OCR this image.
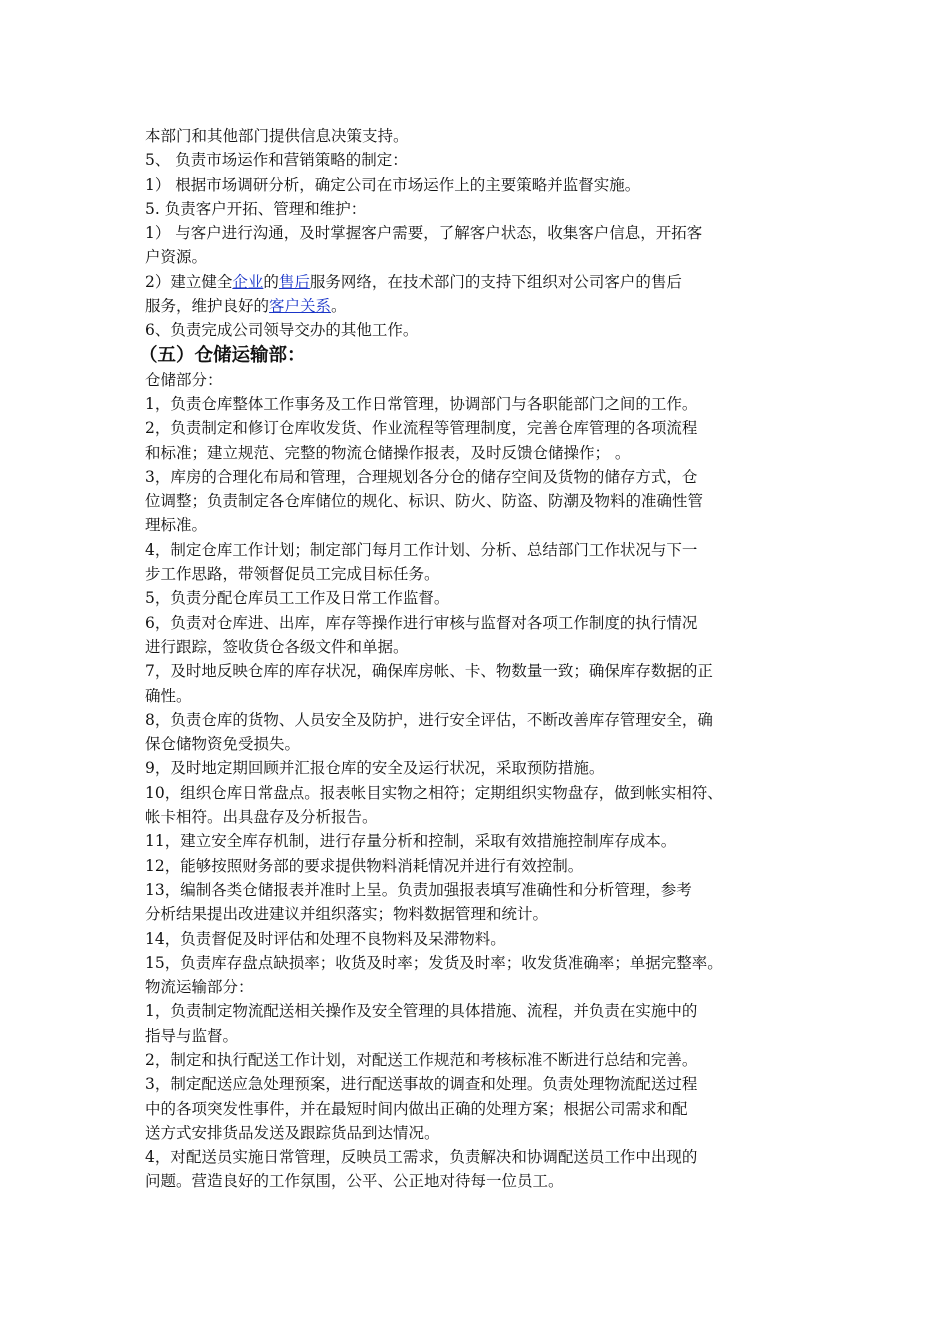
本部门和其他部门提供信息决策支持。
5、 负责市场运作和营销策略的制定：
1） 根据市场调研分析，确定公司在市场运作上的主要策略并监督实施。
5. 负责客户开拓、管理和维护：
1） 与客户进行沟通，及时掌握客户需要，了解客户状态，收集客户信息，开拓客
户资源。
2）建立健全企业的售后服务网络，在技术部门的支持下组织对公司客户的售后
服务，维护良好的客户关系。
6、负责完成公司领导交办的其他工作。
（五）仓储运输部：
仓储部分：
1，负责仓库整体工作事务及工作日常管理，协调部门与各职能部门之间的工作。
2，负责制定和修订仓库收发货、作业流程等管理制度，完善仓库管理的各项流程
和标准；建立规范、完整的物流仓储操作报表，及时反馈仓储操作； 。
3，库房的合理化布局和管理，合理规划各分仓的储存空间及货物的储存方式，仓
位调整；负责制定各仓库储位的规化、标识、防火、防盗、防潮及物料的准确性管
理标准。
4，制定仓库工作计划；制定部门每月工作计划、分析、总结部门工作状况与下一
步工作思路，带领督促员工完成目标任务。
5，负责分配仓库员工工作及日常工作监督。
6，负责对仓库进、出库，库存等操作进行审核与监督对各项工作制度的执行情况
进行跟踪，签收货仓各级文件和单据。
7，及时地反映仓库的库存状况，确保库房帐、卡、物数量一致；确保库存数据的正
确性。
8，负责仓库的货物、人员安全及防护，进行安全评估，不断改善库存管理安全，确
保仓储物资免受损失。
9，及时地定期回顾并汇报仓库的安全及运行状况，采取预防措施。
10，组织仓库日常盘点。报表帐目实物之相符；定期组织实物盘存，做到帐实相符、
帐卡相符。出具盘存及分析报告。
11，建立安全库存机制，进行存量分析和控制，采取有效措施控制库存成本。
12，能够按照财务部的要求提供物料消耗情况并进行有效控制。
13，编制各类仓储报表并准时上呈。负责加强报表填写准确性和分析管理，参考
分析结果提出改进建议并组织落实；物料数据管理和统计。
14，负责督促及时评估和处理不良物料及呆滞物料。
15，负责库存盘点缺损率；收货及时率；发货及时率；收发货准确率；单据完整率。
物流运输部分：
1，负责制定物流配送相关操作及安全管理的具体措施、流程，并负责在实施中的
指导与监督。
2，制定和执行配送工作计划，对配送工作规范和考核标准不断进行总结和完善。
3，制定配送应急处理预案，进行配送事故的调查和处理。负责处理物流配送过程
中的各项突发性事件，并在最短时间内做出正确的处理方案；根据公司需求和配
送方式安排货品发送及跟踪货品到达情况。
4，对配送员实施日常管理，反映员工需求，负责解决和协调配送员工作中出现的
问题。营造良好的工作氛围，公平、公正地对待每一位员工。
